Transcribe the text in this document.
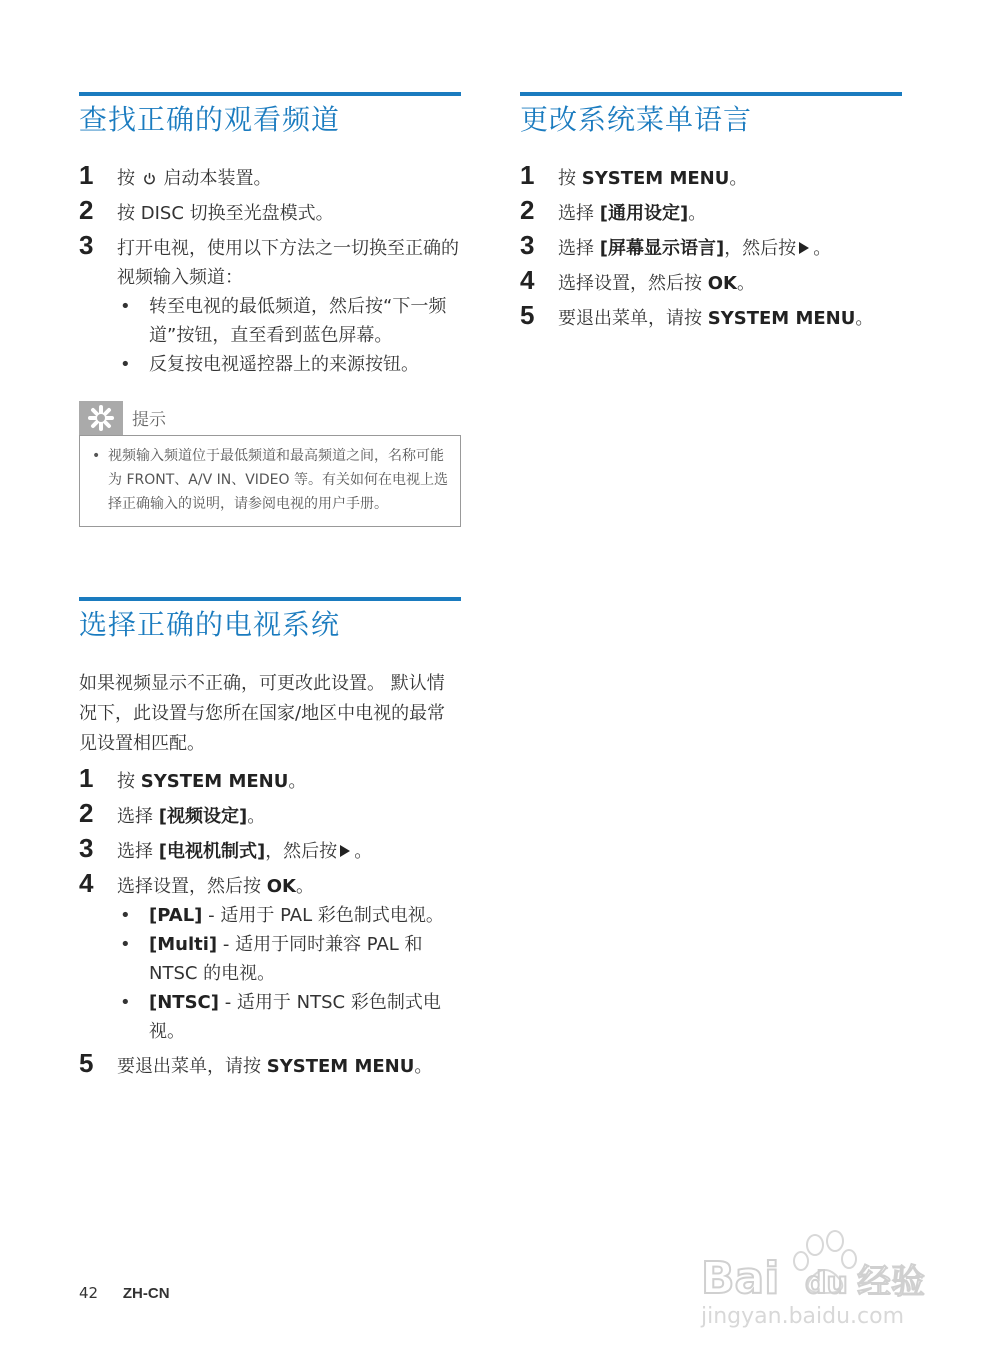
查找正确的观看频道
1 按 启动本装置。
2 按 DISC 切换至光盘模式。
3 打开电视，使用以下方法之一切换至正确的视频输入频道：
• 转至电视的最低频道，然后按“下一频道”按钮，直至看到蓝色屏幕。
• 反复按电视遥控器上的来源按钮。
提示
• 视频输入频道位于最低频道和最高频道之间，名称可能为 FRONT、A/V IN、VIDEO 等。有关如何在电视上选择正确输入的说明，请参阅电视的用户手册。
选择正确的电视系统

如果视频显示不正确，可更改此设置。 默认情况下，此设置与您所在国家/地区中电视的最常见设置相匹配。

1 按 SYSTEM MENU。
2 选择 [视频设定]。
3 选择 [电视机制式]，然后按 。
4 选择设置，然后按 OK。
• [PAL] - 适用于 PAL 彩色制式电视。
• [Multi] - 适用于同时兼容 PAL 和 NTSC 的电视。
• [NTSC] - 适用于 NTSC 彩色制式电视。
5 要退出菜单，请按 SYSTEM MENU。
更改系统菜单语言
1 按 SYSTEM MENU。
2 选择 [通用设定]。
3 选择 [屏幕显示语言]，然后按 。
4 选择设置，然后按 OK。
5 要退出菜单，请按 SYSTEM MENU。
42 ZH-CN	Bai du 经验
jingyan.baidu.com
